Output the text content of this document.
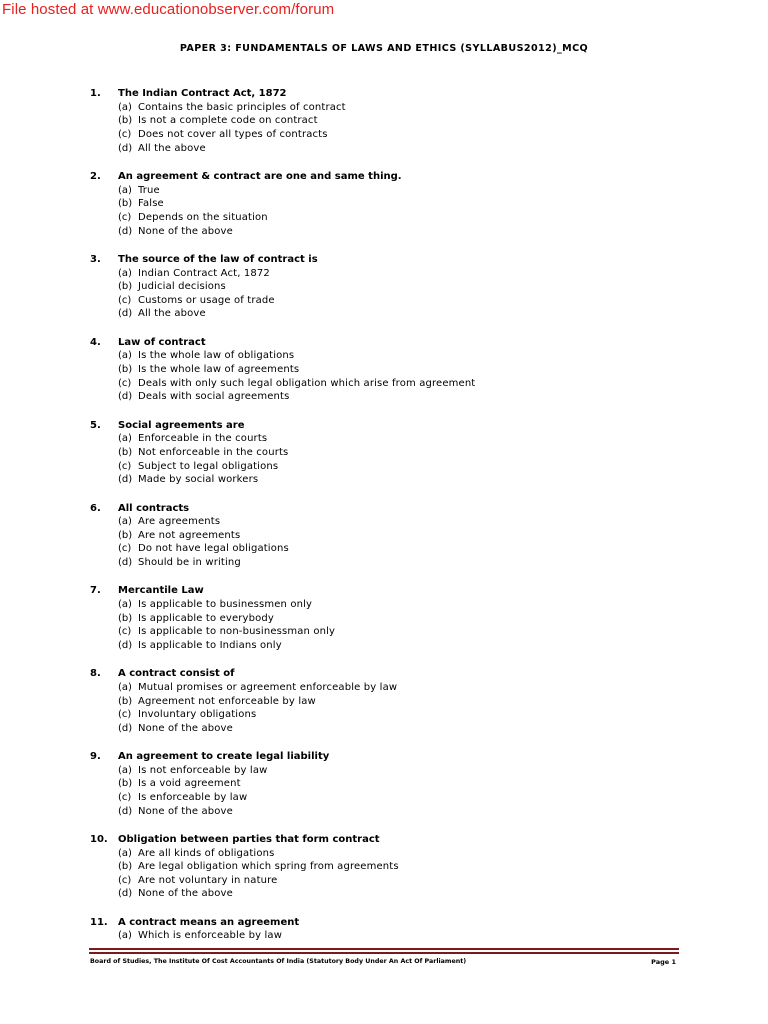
File hosted at www.educationobserver.com/forum
PAPER 3: FUNDAMENTALS OF LAWS AND ETHICS (SYLLABUS2012)_MCQ
1.	The Indian Contract Act, 1872
(a) Contains the basic principles of contract
(b) Is not a complete code on contract
(c) Does not cover all types of contracts
(d) All the above
2.	An agreement & contract are one and same thing.
(a) True
(b) False
(c) Depends on the situation
(d) None of the above
3.	The source of the law of contract is
(a) Indian Contract Act, 1872
(b) Judicial decisions
(c) Customs or usage of trade
(d) All the above
4.	Law of contract
(a) Is the whole law of obligations
(b) Is the whole law of agreements
(c) Deals with only such legal obligation which arise from agreement
(d) Deals with social agreements
5.	Social agreements are
(a) Enforceable in the courts
(b) Not enforceable in the courts
(c) Subject to legal obligations
(d) Made by social workers
6.	All contracts
(a) Are agreements
(b) Are not agreements
(c) Do not have legal obligations
(d) Should be in writing
7.	Mercantile Law
(a) Is applicable to businessmen only
(b) Is applicable to everybody
(c) Is applicable to non-businessman only
(d) Is applicable to Indians only
8.	A contract consist of
(a) Mutual promises or agreement enforceable by law
(b) Agreement not enforceable by law
(c) Involuntary obligations
(d) None of the above
9.	An agreement to create legal liability
(a) Is not enforceable by law
(b) Is a void agreement
(c) Is enforceable by law
(d) None of the above
10.	Obligation between parties that form contract
(a) Are all kinds of obligations
(b) Are legal obligation which spring from agreements
(c) Are not voluntary in nature
(d) None of the above
11.	A contract means an agreement
(a) Which is enforceable by law
Board of Studies, The Institute Of Cost Accountants Of India (Statutory Body Under An Act Of Parliament)	Page 1
